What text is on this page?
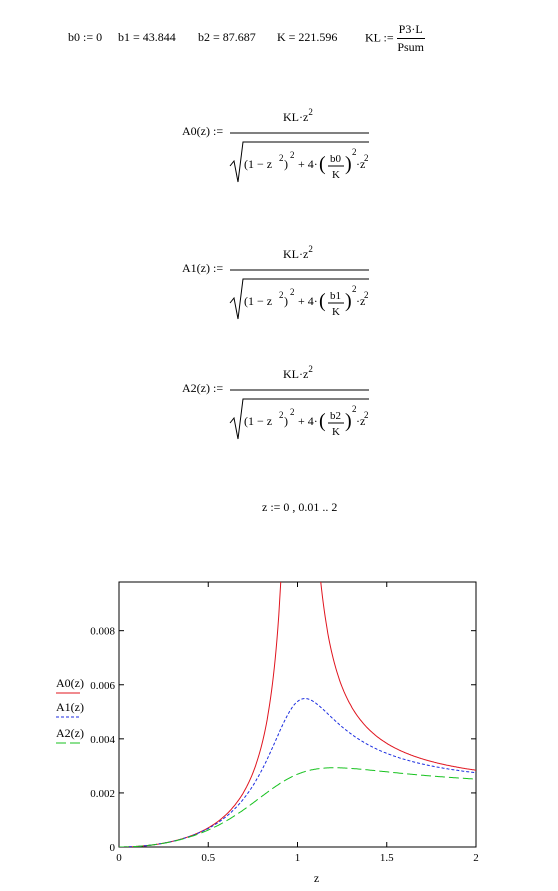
b0 := 0 b1 = 43.844 b2 = 87.687 K = 221.596 KL := $\frac{P3\cdot L}{\text{Psum}}$
A0(z) :=
$KL\cdot z^2$
(1 − z 2 )
2
+ 4· ( b0
K )
2
·z
2
A1(z) :=
$KL\cdot z^2$
(1 − z 2 )
2
+ 4· ( b1
K )
2
·z
2
A2(z) :=
$KL\cdot z^2$
(1 − z 2 )
2
+ 4· ( b2
K )
2
·z
2
z := 0 , 0.01 .. 2
0
0.002
0.004
0.006
0.008
0	0.5	1	1.5	2
z
A0(z)
A1(z)
A2(z)
